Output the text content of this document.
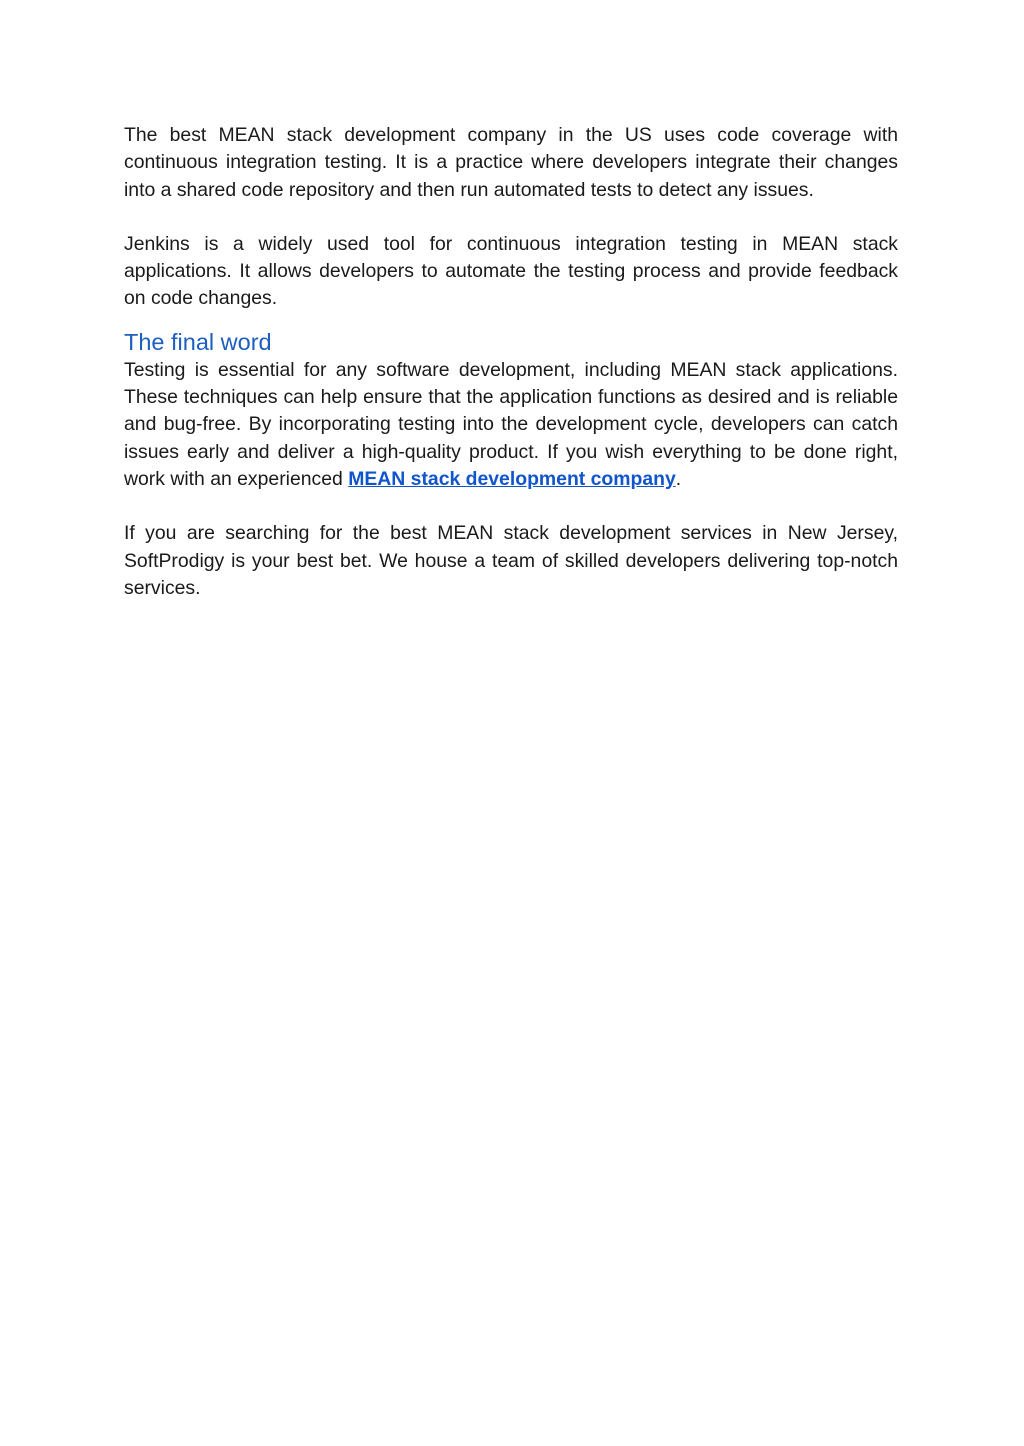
The best MEAN stack development company in the US uses code coverage with continuous integration testing. It is a practice where developers integrate their changes into a shared code repository and then run automated tests to detect any issues.

Jenkins is a widely used tool for continuous integration testing in MEAN stack applications. It allows developers to automate the testing process and provide feedback on code changes.

The final word

Testing is essential for any software development, including MEAN stack applications. These techniques can help ensure that the application functions as desired and is reliable and bug-free. By incorporating testing into the development cycle, developers can catch issues early and deliver a high-quality product. If you wish everything to be done right, work with an experienced MEAN stack development company.

If you are searching for the best MEAN stack development services in New Jersey, SoftProdigy is your best bet. We house a team of skilled developers delivering top-notch services.
